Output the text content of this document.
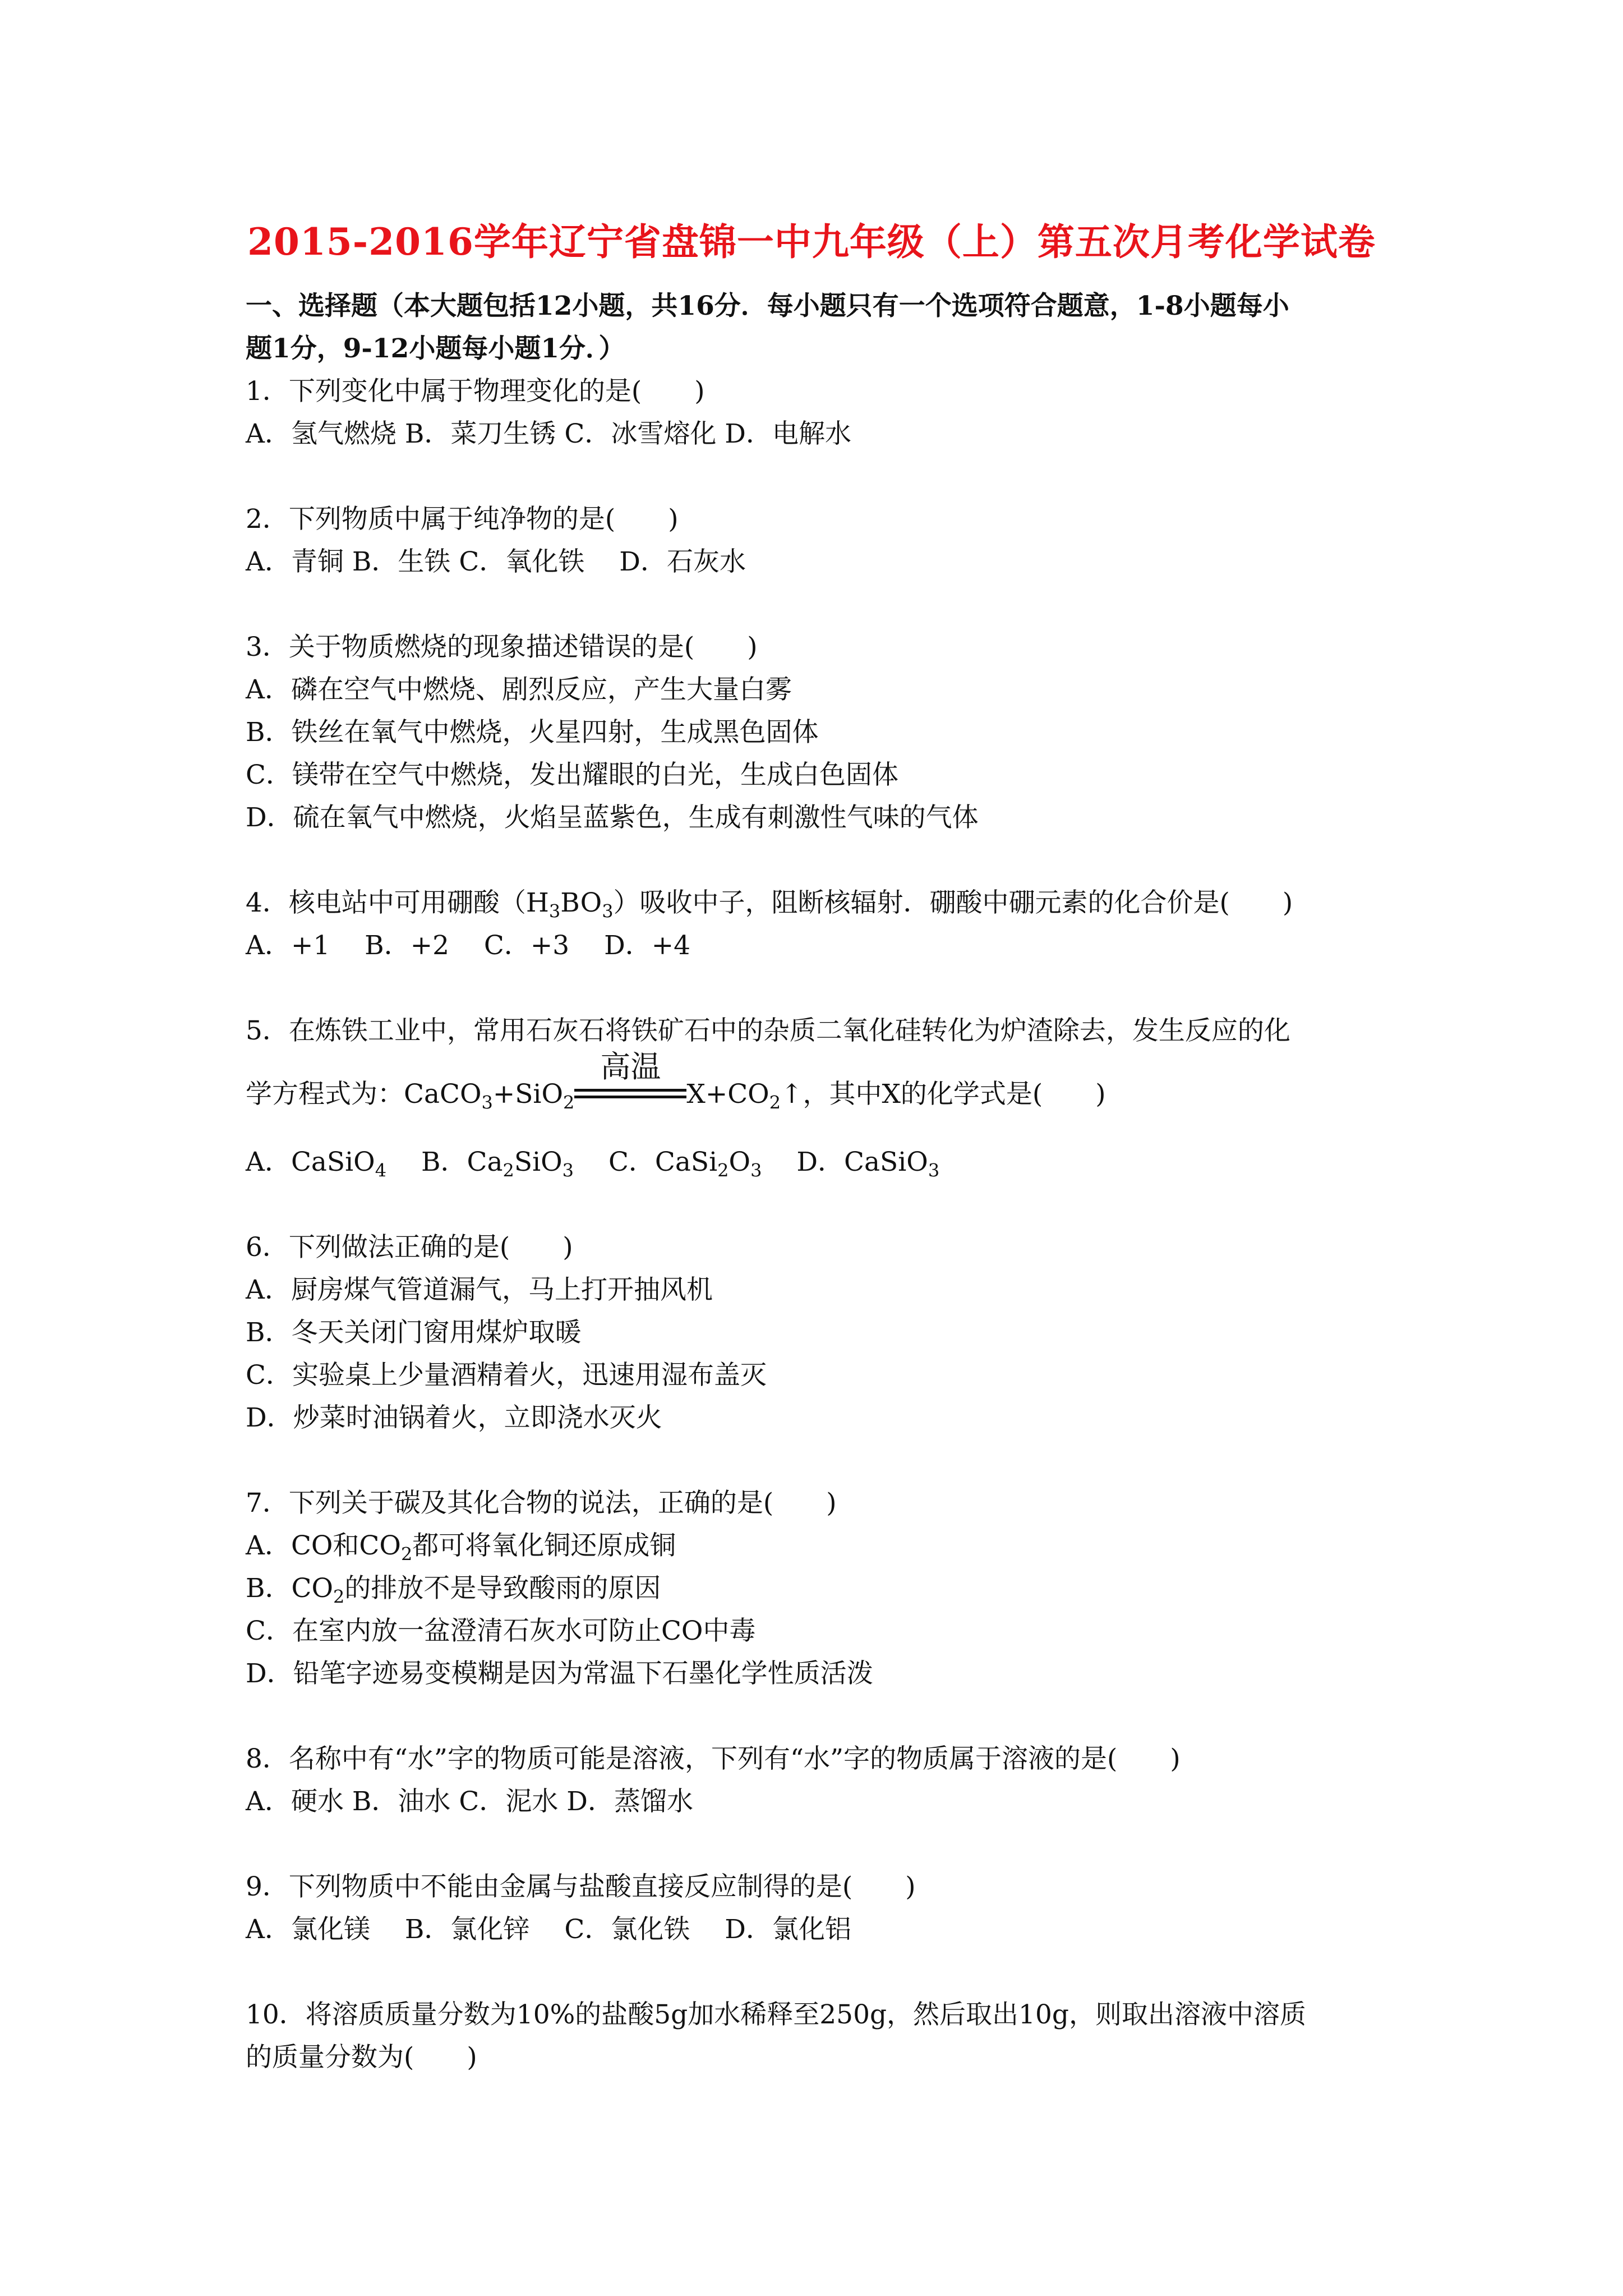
2015-2016学年辽宁省盘锦一中九年级（上）第五次月考化学试卷
一、选择题（本大题包括12小题，共16分．每小题只有一个选项符合题意，1-8小题每小
题1分，9-12小题每小题1分．）
1．下列变化中属于物理变化的是(　　)
A．氢气燃烧 B．菜刀生锈 C．冰雪熔化 D．电解水
2．下列物质中属于纯净物的是(　　)
A．青铜 B．生铁 C．氧化铁　 D．石灰水
3．关于物质燃烧的现象描述错误的是(　　)
A．磷在空气中燃烧、剧烈反应，产生大量白雾
B．铁丝在氧气中燃烧，火星四射，生成黑色固体
C．镁带在空气中燃烧，发出耀眼的白光，生成白色固体
D．硫在氧气中燃烧，火焰呈蓝紫色，生成有刺激性气味的气体
4．核电站中可用硼酸$(H_3BO_3)$吸收中子，阻断核辐射．硼酸中硼元素的化合价是(　　)
A．+1　 B．+2　 C．+3　 D．+4
5．在炼铁工业中，常用石灰石将铁矿石中的杂质二氧化硅转化为炉渣除去，发生反应的化
学方程式为：CaCO$_3$+SiO$_2$
高温
$X+CO_2↑$，其中X的化学式是(　　)
A．CaSiO$_4$　 B．$Ca_2SiO_3$　 C．$CaSi_2O_3$　 D．CaSiO$_3$
6．下列做法正确的是(　　)
A．厨房煤气管道漏气，马上打开抽风机
B．冬天关闭门窗用煤炉取暖
C．实验桌上少量酒精着火，迅速用湿布盖灭
D．炒菜时油锅着火，立即浇水灭火
7．下列关于碳及其化合物的说法，正确的是(　　)
A．CO和$CO_2$都可将氧化铜还原成铜
B．$CO_2$的排放不是导致酸雨的原因
C．在室内放一盆澄清石灰水可防止CO中毒
D．铅笔字迹易变模糊是因为常温下石墨化学性质活泼
8．名称中有“水”字的物质可能是溶液，下列有“水”字的物质属于溶液的是(　　)
A．硬水 B．油水 C．泥水 D．蒸馏水
9．下列物质中不能由金属与盐酸直接反应制得的是(　　)
A．氯化镁　 B．氯化锌　 C．氯化铁　 D．氯化铝
10．将溶质质量分数为10%的盐酸5g加水稀释至250g，然后取出10g，则取出溶液中溶质
的质量分数为(　　)
